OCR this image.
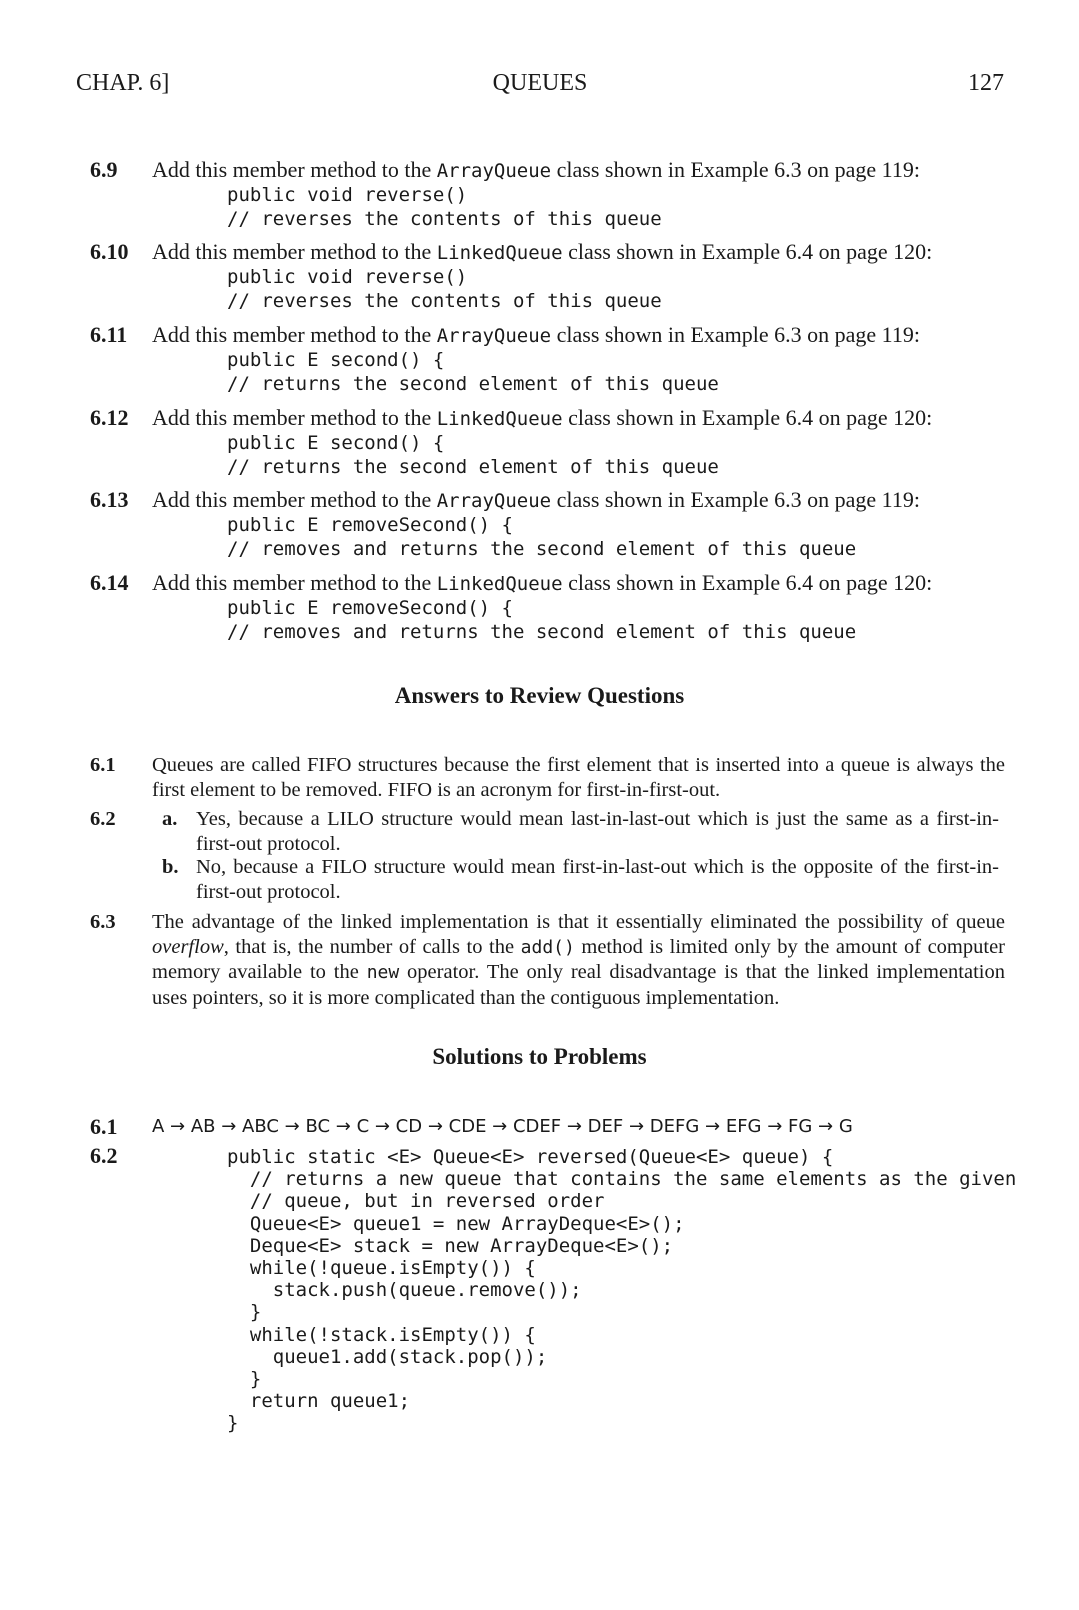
CHAP. 6]	QUEUES	127
6.9 Add this member method to the ArrayQueue class shown in Example 6.3 on page 119:
public void reverse()
// reverses the contents of this queue
6.10 Add this member method to the LinkedQueue class shown in Example 6.4 on page 120:
public void reverse()
// reverses the contents of this queue
6.11 Add this member method to the ArrayQueue class shown in Example 6.3 on page 119:
public E second() {
// returns the second element of this queue
6.12 Add this member method to the LinkedQueue class shown in Example 6.4 on page 120:
public E second() {
// returns the second element of this queue
6.13 Add this member method to the ArrayQueue class shown in Example 6.3 on page 119:
public E removeSecond() {
// removes and returns the second element of this queue
6.14 Add this member method to the LinkedQueue class shown in Example 6.4 on page 120:
public E removeSecond() {
// removes and returns the second element of this queue
Answers to Review Questions
6.1 Queues are called FIFO structures because the first element that is inserted into a queue is always the first element to be removed. FIFO is an acronym for first-in-first-out.
6.2 a. Yes, because a LILO structure would mean last-in-last-out which is just the same as a first-in-first-out protocol.
b. No, because a FILO structure would mean first-in-last-out which is the opposite of the first-in-first-out protocol.
6.3 The advantage of the linked implementation is that it essentially eliminated the possibility of queue overflow, that is, the number of calls to the add() method is limited only by the amount of computer memory available to the new operator. The only real disadvantage is that the linked implementation uses pointers, so it is more complicated than the contiguous implementation.
Solutions to Problems
6.1 A → AB → ABC → BC → C → CD → CDE → CDEF → DEF → DEFG → EFG → FG → G
6.2	public static <E> Queue<E> reversed(Queue<E> queue) {
// returns a new queue that contains the same elements as the given
// queue, but in reversed order
Queue<E> queue1 = new ArrayDeque<E>();
Deque<E> stack = new ArrayDeque<E>();
while(!queue.isEmpty()) {
stack.push(queue.remove());
}
while(!stack.isEmpty()) {
queue1.add(stack.pop());
}
return queue1;
}
